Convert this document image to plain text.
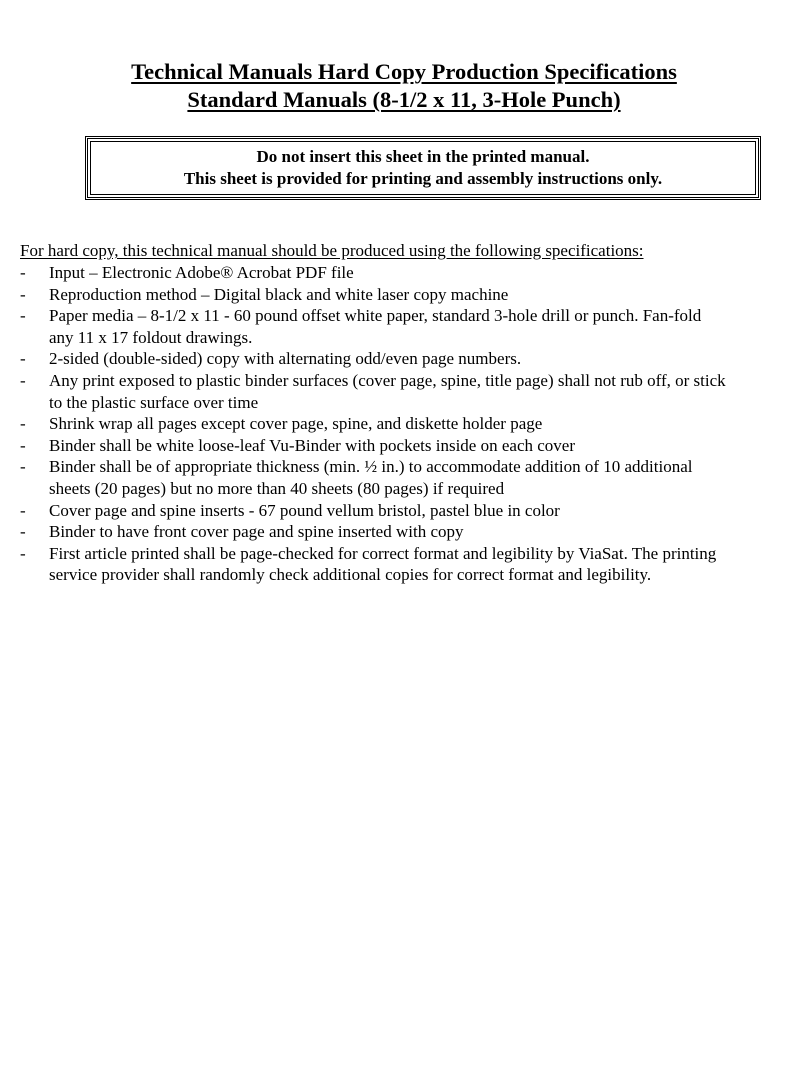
Technical Manuals Hard Copy Production Specifications
Standard Manuals (8-1/2 x 11, 3-Hole Punch)
Do not insert this sheet in the printed manual.
This sheet is provided for printing and assembly instructions only.
For hard copy, this technical manual should be produced using the following specifications:
- Input – Electronic Adobe® Acrobat PDF file
- Reproduction method – Digital black and white laser copy machine
- Paper media – 8-1/2 x 11 - 60 pound offset white paper, standard 3-hole drill or punch. Fan-fold
any 11 x 17 foldout drawings.
- 2-sided (double-sided) copy with alternating odd/even page numbers.
- Any print exposed to plastic binder surfaces (cover page, spine, title page) shall not rub off, or stick
to the plastic surface over time
- Shrink wrap all pages except cover page, spine, and diskette holder page
- Binder shall be white loose-leaf Vu-Binder with pockets inside on each cover
- Binder shall be of appropriate thickness (min. ½ in.) to accommodate addition of 10 additional
sheets (20 pages) but no more than 40 sheets (80 pages) if required
- Cover page and spine inserts - 67 pound vellum bristol, pastel blue in color
- Binder to have front cover page and spine inserted with copy
- First article printed shall be page-checked for correct format and legibility by ViaSat. The printing
service provider shall randomly check additional copies for correct format and legibility.
